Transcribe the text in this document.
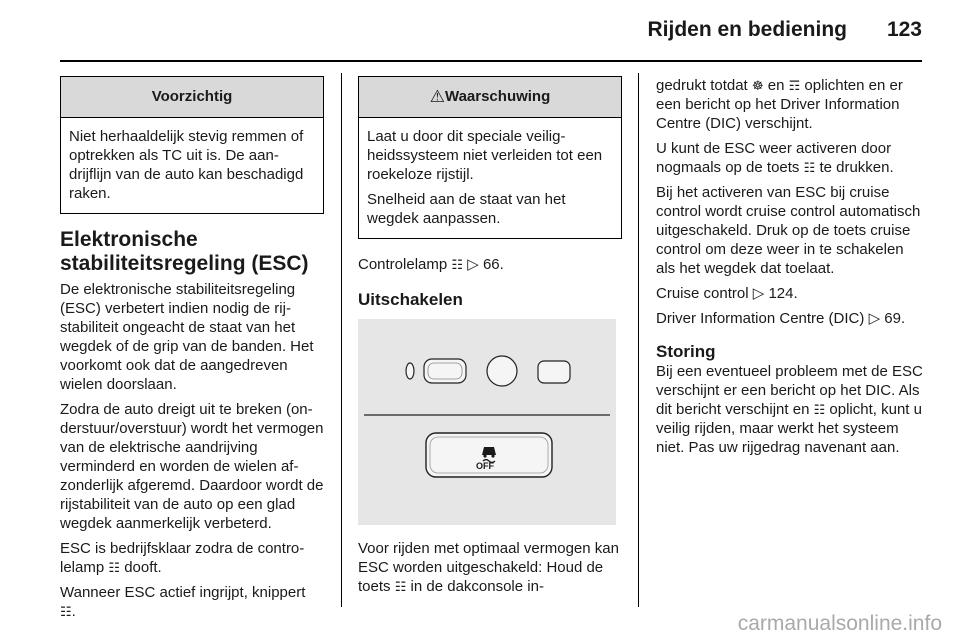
Rijden en bediening 123
Voorzichtig

Niet herhaaldelijk stevig remmen of optrekken als TC uit is. De aandrijflijn van de auto kan beschadigd raken.

Elektronische stabiliteitsregeling (ESC)

De elektronische stabiliteitsregeling (ESC) verbetert indien nodig de rijstabiliteit ongeacht de staat van het wegdek of de grip van de banden. Het voorkomt ook dat de aangedreven wielen doorslaan.

Zodra de auto dreigt uit te breken (onderstuur/overstuur) wordt het vermogen van de elektrische aandrijving verminderd en worden de wielen afzonderlijk afgeremd. Daardoor wordt de rijstabiliteit van de auto op een glad wegdek aanmerkelijk verbeterd.

ESC is bedrijfsklaar zodra de controlelamp ☷ dooft.

Wanneer ESC actief ingrijpt, knippert ☷.

⚠Waarschuwing

Laat u door dit speciale veiligheidssysteem niet verleiden tot een roekeloze rijstijl.

Snelheid aan de staat van het wegdek aanpassen.

Controlelamp ☷ ▷ 66.

Uitschakelen
OFF

Voor rijden met optimaal vermogen kan ESC worden uitgeschakeld: Houd de toets ☷ in de dakconsole in-

gedrukt totdat ☸ en ☶ oplichten en er een bericht op het Driver Information Centre (DIC) verschijnt.

U kunt de ESC weer activeren door nogmaals op de toets ☷ te drukken.

Bij het activeren van ESC bij cruise control wordt cruise control automatisch uitgeschakeld. Druk op de toets cruise control om deze weer in te schakelen als het wegdek dat toelaat.

Cruise control ▷ 124.

Driver Information Centre (DIC) ▷ 69.

Storing

Bij een eventueel probleem met de ESC verschijnt er een bericht op het DIC. Als dit bericht verschijnt en ☷ oplicht, kunt u veilig rijden, maar werkt het systeem niet. Pas uw rijgedrag navenant aan.

carmanualsonline.info
